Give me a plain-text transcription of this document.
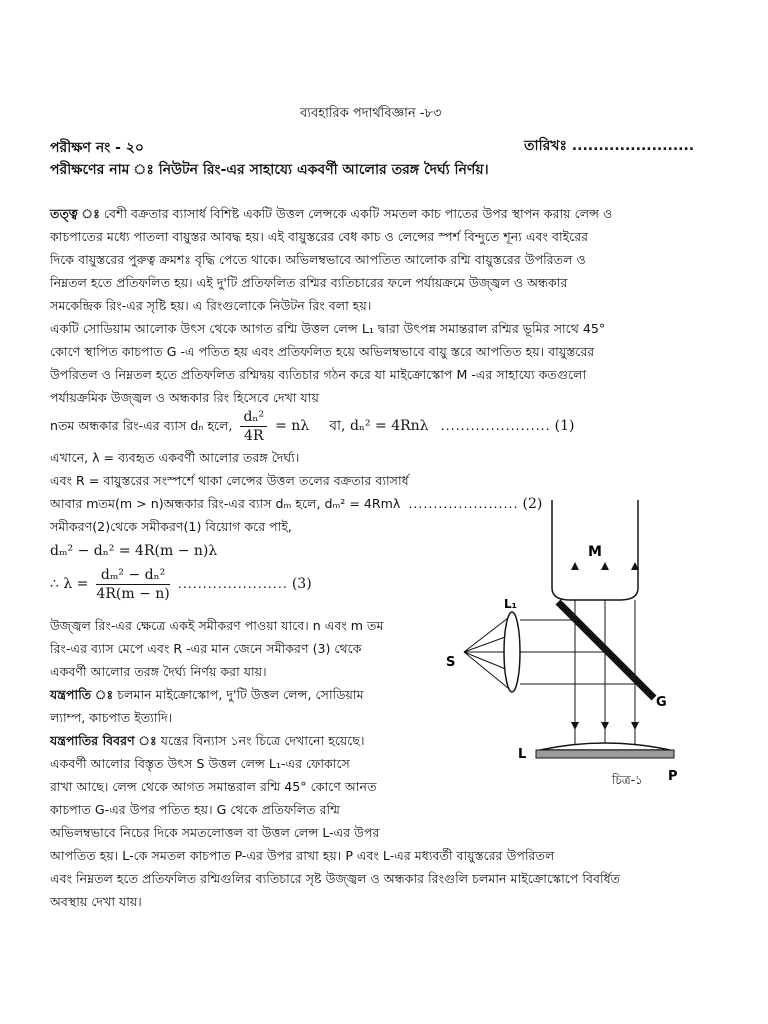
ব্যবহারিক পদার্থবিজ্ঞান -৮৩
পরীক্ষণ নং - ২০	তারিখঃ .......................
পরীক্ষণের নাম ঃ নিউটন রিং-এর সাহায্যে একবর্ণী আলোর তরঙ্গ দৈর্ঘ্য নির্ণয়।
তত্ত্ব ঃ বেশী বক্রতার ব্যাসার্ধ বিশিষ্ট একটি উত্তল লেন্সকে একটি সমতল কাচ পাতের উপর স্থাপন করায় লেন্স ও
কাচপাতের মধ্যে পাতলা বায়ুস্তর আবদ্ধ হয়। এই বায়ুস্তরের বেধ কাচ ও লেন্সের স্পর্শ বিন্দুতে শূন্য এবং বাইরের
দিকে বায়ুস্তরের পুরুত্ব ক্রমশঃ বৃদ্ধি পেতে থাকে। অভিলম্বভাবে আপতিত আলোক রশ্মি বায়ুস্তরের উপরিতল ও
নিম্নতল হতে প্রতিফলিত হয়। এই দু'টি প্রতিফলিত রশ্মির ব্যতিচারের ফলে পর্যায়ক্রমে উজ্জ্বল ও অন্ধকার
সমকেন্দ্রিক রিং-এর সৃষ্টি হয়। এ রিংগুলোকে নিউটন রিং বলা হয়।
একটি সোডিয়াম আলোক উৎস থেকে আগত রশ্মি উত্তল লেন্স L₁ দ্বারা উৎপন্ন সমান্তরাল রশ্মির ভূমির সাথে 45°
কোণে স্থাপিত কাচপাত G -এ পতিত হয় এবং প্রতিফলিত হয়ে অভিলম্বভাবে বায়ু স্তরে আপতিত হয়। বায়ুস্তরের
উপরিতল ও নিম্নতল হতে প্রতিফলিত রশ্মিদ্বয় ব্যতিচার গঠন করে যা মাইক্রোস্কোপ M -এর সাহায্যে কতগুলো
পর্যায়ক্রমিক উজ্জ্বল ও অন্ধকার রিং হিসেবে দেখা যায়
nতম অন্ধকার রিং-এর ব্যাস dₙ হলে, $\frac{\text{dₙ²}}{4R} = n\lambda$ বা, dₙ² = 4Rnλ ...................... (1)
এখানে, λ = ব্যবহৃত একবর্ণী আলোর তরঙ্গ দৈর্ঘ্য।
এবং R = বায়ুস্তরের সংস্পর্শে থাকা লেন্সের উত্তল তলের বক্রতার ব্যাসার্ধ
আবার mতম(m > n)অন্ধকার রিং-এর ব্যাস dₘ হলে, dₘ² = 4Rmλ ...................... (2)
সমীকরণ(2)থেকে সমীকরণ(1) বিয়োগ করে পাই,
dₘ² − dₙ² = 4R(m − n)λ
∴ $\lambda = \frac{\text{dₘ² − dₙ²}}{4R(m - n)}$ ...................... (3)
উজ্জ্বল রিং-এর ক্ষেত্রে একই সমীকরণ পাওয়া যাবে। n এবং m তম
রিং-এর ব্যাস মেপে এবং R -এর মান জেনে সমীকরণ (3) থেকে
একবর্ণী আলোর তরঙ্গ দৈর্ঘ্য নির্ণয় করা যায়।
যন্ত্রপাতি ঃ চলমান মাইক্রোস্কোপ, দু'টি উত্তল লেন্স, সোডিয়াম
ল্যাম্প, কাচপাত ইত্যাদি।
যন্ত্রপাতির বিবরণ ঃ যন্ত্রের বিন্যাস ১নং চিত্রে দেখানো হয়েছে।
একবর্ণী আলোর বিস্তৃত উৎস S উত্তল লেন্স L₁-এর ফোকাসে
রাখা আছে। লেন্স থেকে আগত সমান্তরাল রশ্মি 45° কোণে আনত
কাচপাত G-এর উপর পতিত হয়। G থেকে প্রতিফলিত রশ্মি
অভিলম্বভাবে নিচের দিকে সমতলোত্তল বা উত্তল লেন্স L-এর উপর
আপতিত হয়। L-কে সমতল কাচপাত P-এর উপর রাখা হয়। P এবং L-এর মধ্যবর্তী বায়ুস্তরের উপরিতল
এবং নিম্নতল হতে প্রতিফলিত রশ্মিগুলির ব্যতিচারে সৃষ্ট উজ্জ্বল ও অন্ধকার রিংগুলি চলমান মাইক্রোস্কোপে বিবর্ধিত
অবস্থায় দেখা যায়।
M
S
L₁
G
L
P
চিত্র-১
